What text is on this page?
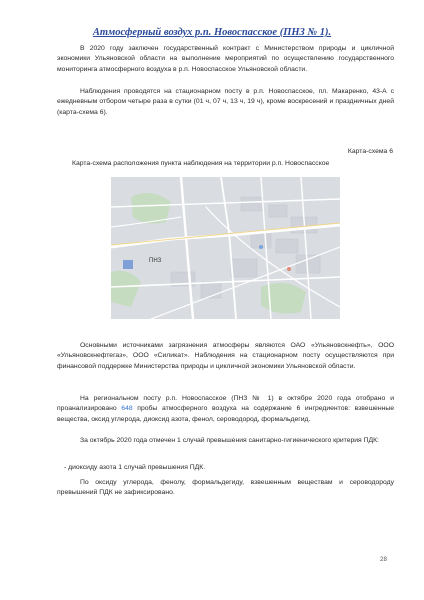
Атмосферный воздух р.п. Новоспасское (ПНЗ № 1).

В 2020 году заключен государственный контракт с Министерством природы и цикличной экономики Ульяновской области на выполнение мероприятий по осуществлению государственного мониторинга атмосферного воздуха в р.п. Новоспасское Ульяновской области.

Наблюдения проводятся на стационарном посту в р.п. Новоспасское, пл. Макаренко, 43-А с ежедневным отбором четыре раза в сутки (01 ч, 07 ч, 13 ч, 19 ч), кроме воскресений и праздничных дней (карта-схема 6).

Карта-схема 6
Карта-схема расположения пункта наблюдения на территории р.п. Новоспасское
ПНЗ

Основными источниками загрязнения атмосферы являются ОАО «Ульяновскнефть», ООО «Ульяновскнефтегаз», ООО «Силикат». Наблюдения на стационарном посту осуществляются при финансовой поддержке Министерства природы и цикличной экономики Ульяновской области.

На региональном посту р.п. Новоспасское (ПНЗ № 1) в октябре 2020 года отобрано и проанализировано 648 пробы атмосферного воздуха на содержание 6 ингредиентов: взвешенные вещества, оксид углерода, диоксид азота, фенол, сероводород, формальдегид.

За октябрь 2020 года отмечен 1 случай превышения санитарно-гигиенического критерия ПДК:

- диоксиду азота 1 случай превышения ПДК.

По оксиду углерода, фенолу, формальдегиду, взвешенным веществам и сероводороду превышений ПДК не зафиксировано.

28
